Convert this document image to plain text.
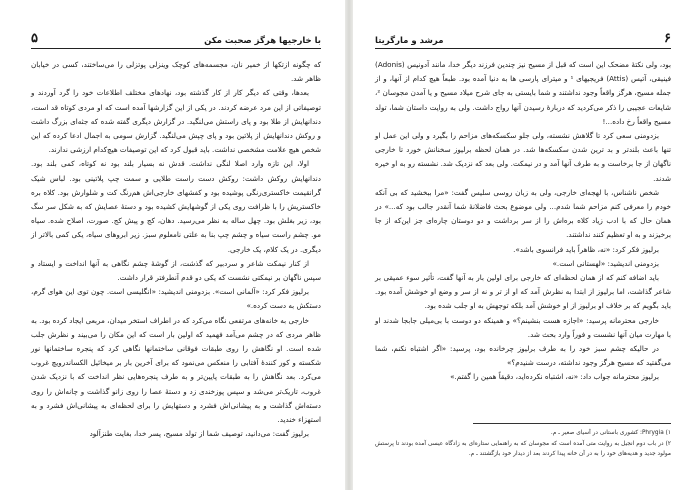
با خارجیها هرگز صحبت مکن
۵

که چگونه ازتکها از خمیر نان، مجسمه‌های کوچک وینزلی پوتزلی را می‌ساختند، کسی در خیابان ظاهر شد.

بعدها، وقتی که دیگر کار از کار گذشته بود، نهادهای مختلف اطلاعات خود را گرد آوردند و توصیفاتی از این مرد عرضه کردند. در یکی از این گزارشها آمده است که او مردی کوتاه قد است، دندانهایش از طلا بود و پای راستش می‌لنگید. در گزارش دیگری گفته شده که جثه‌ای بزرگ داشت و روکش دندانهایش از پلاتین بود و پای چپش می‌لنگید. گزارش سومی به اجمال ادعا کرده که این شخص هیچ علامت مشخصی نداشت. باید قبول کرد که این توصیفات هیچ‌کدام ارزشی ندارند.

اولا، این تازه وارد اصلا لنگی نداشت. قدش نه بسیار بلند بود نه کوتاه، کمی بلند بود. دندانهایش روکش داشت: روکش دست راست طلایی و سمت چپ پلاتینی بود. لباس شیک گرانقیمت خاکستری‌رنگی پوشیده بود و کفشهای خارجی‌اش هم‌رنگ کت و شلوارش بود. کلاه بره خاکستریش را با ظرافت روی یکی از گوشهایش کشیده بود و دستهٔ عصایش که به شکل سر سگ بود، زیر بغلش بود. چهل ساله به نظر می‌رسید. دهان، کج و پیش کج. صورت، اصلاح شده. سیاه مو. چشم راست سیاه و چشم چپ بنا به علتی نامعلوم سبز. زیر ابروهای سیاه، یکی کمی بالاتر از دیگری. در یک کلام، یک خارجی.

از کنار نیمکت شاعر و سردبیر که گذشت، از گوشهٔ چشم نگاهی به آنها انداخت و ایستاد و سپس ناگهان بر نیمکتی نشست که یکی دو قدم آنطرفتر قرار داشت.

برلیوز فکر کرد: «آلمانی است». بزدومنی اندیشید: «انگلیسی است. چون توی این هوای گرم، دستکش به دست کرده.»

خارجی به خانه‌های مرتفعی نگاه می‌کرد که در اطراف استخر میدان، مربعی ایجاد کرده بود. به ظاهر مردی که در چشم می‌آمد فهمید که اولین بار است که این مکان را می‌بیند و نظرش جلب شده است. او نگاهش را روی طبقات فوقانی ساختمانها نگاهی کرد که پنجره ساختمانها نور شکسته و کور کنندهٔ آفتابی را منعکس می‌نمود که برای آخرین بار بر میخائیل الکساندرویچ غروب می‌کرد. بعد نگاهش را به طبقات پایین‌تر و به طرف پنجره‌هایی نظر انداخت که با نزدیک شدن غروب، تاریک‌تر می‌شد و سپس پوزخندی زد و دستهٔ عصا را روی زانو گذاشت و چانه‌اش را روی دسته‌اش گذاشت و به پیشانی‌اش فشرد و دستهایش را برای لحظه‌ای به پیشانی‌اش فشرد و به استهزاء خندید.

برلیوز گفت: می‌دانید، توصیف شما از تولد مسیح، پسر خدا، بغایت طنزآلود

۶
مرشد و مارگریتا

بود، ولی نکتهٔ مضحک این است که قبل از مسیح نیز چندین فرزند دیگر خدا، مانند آدونیس (Adonis) فینیقی، آتیس (Attis) فریجیهای ¹ و میترای پارسی ها به دنیا آمده بود. طبعاً هیچ کدام از آنها، و از جمله مسیح، هرگز واقعاً وجود نداشتند و شما بایستی به جای شرح میلاد مسیح و یا آمدن مجوسان ²، شایعات عجیبی را ذکر می‌کردید که دربارهٔ رسیدن آنها رواج داشت. ولی به روایت داستان شما، تولد مسیح واقعاً رخ داده...!

بزدومنی سعی کرد تا گلاهش نشسته، ولی جلو سکسکه‌های مزاحم را بگیرد و ولی این عمل او تنها باعث بلندتر و بد ترین شدن سکسکه‌ها شد. در همان لحظه برلیوز سخنانش خورد تا خارجی ناگهان از جا برخاست و به طرف آنها آمد و در نیمکت. ولی بعد که نزدیک شد. نشسته رو به او خیره شدند.

شخص ناشناس، با لهجه‌ای خارجی، ولی به زبان روسی سلیس گفت: «مرا ببخشید که بی آنکه خودم را معرفی کنم مزاحم شما شدم... ولی موضوع بحث فاضلانهٔ شما آنقدر جالب بود که...» در همان حال که با ادب زیاد کلاه بره‌اش را از سر برداشت و دو دوستان چاره‌ای جز این‌که از جا برخیزند و به او تعظیم کنند نداشتند.

برلیوز فکر کرد: «نه، ظاهراً باید فرانسوی باشد».

بزدومنی اندیشید: «لهستانی است.»

باید اضافه کنم که از همان لحظه‌ای که خارجی برای اولین بار به آنها گفت، تأثیر سوء عمیقی بر شاعر گذاشت، اما برلیوز از ابتدا به نظرش آمد که او از تر و نه از سر و وضع او خوشش آمده بود. باید بگویم که بر خلاف او برلیوز از او خوشش آمد بلکه توجهش به او جلب شده بود.

خارجی محترمانه پرسید: «اجازه هست بنشینم؟» و همینکه دو دوست با بی‌میلی جابجا شدند او با مهارت میان آنها نشست و فوراً وارد بحث شد.

در حالیکه چشم سبز خود را به طرف برلیوز چرخانده بود، پرسید: «اگر اشتباه نکنم، شما می‌گفتید که مسیح هرگز وجود نداشته، درست شنیدم؟»

برلیوز محترمانه جواب داد: «نه، اشتباه نکرده‌اید، دقیقاً همین را گفتم.»

۱) Phrygia: کشوری باستانی در آسیای صغیر ـ م.

۲) در باب دوم انجیل به روایت متی آمده است که مجوسان که به راهنمایی ستاره‌ای به زادگاه عیسی آمده بودند تا پرستش مولود جدید و هدیه‌های خود را به در آن خانه پیدا کردند بعد از دیدار خود بازگشتند ـ م.
